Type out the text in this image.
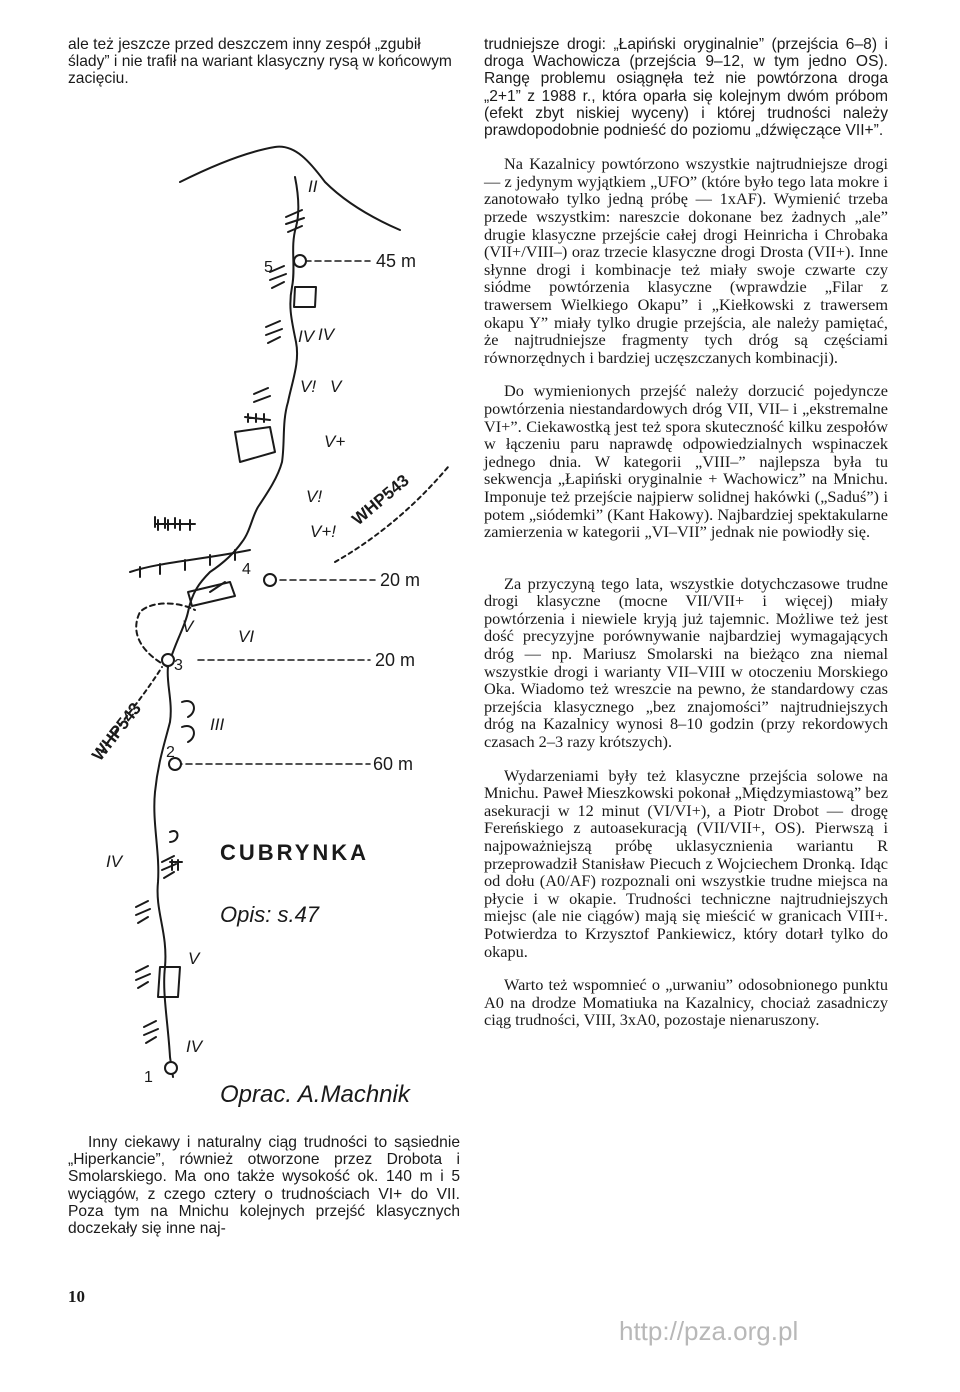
ale też jeszcze przed deszczem inny zespół „zgubił ślady” i nie trafił na wariant klasyczny rysą w końcowym zacięciu.

1
2
3
4
5	45 m
20 m
20 m
60 m
IV
V
IV
III
VI
V
V+!
V!
V!
IV
II
V+
V
IV
WHP543
WHP543
CUBRYNKA
Opis: s.47
Oprac. A.Machnik

Inny ciekawy i naturalny ciąg trudności to sąsiednie „Hiperkancie”, również otworzone przez Drobota i Smolarskiego. Ma ono także wysokość ok. 140 m i 5 wyciągów, z czego cztery o trudnościach VI+ do VII. Poza tym na Mnichu kolejnych przejść klasycznych doczekały się inne naj-

trudniejsze drogi: „Łapiński oryginalnie” (przejścia 6–8) i droga Wachowicza (przejścia 9–12, w tym jedno OS). Rangę problemu osiągnęła też nie powtórzona droga „2+1” z 1988 r., która oparła się kolejnym dwóm próbom (efekt zbyt niskiej wyceny) i której trudności należy prawdopodobnie podnieść do poziomu „dźwięczące VII+”.

Na Kazalnicy powtórzono wszystkie najtrudniejsze drogi — z jedynym wyjątkiem „UFO” (które było tego lata mokre i zanotowało tylko jedną próbę — 1xAF). Wymienić trzeba przede wszystkim: nareszcie dokonane bez żadnych „ale” drugie klasyczne przejście całej drogi Heinricha i Chrobaka (VII+/VIII–) oraz trzecie klasyczne drogi Drosta (VII+). Inne słynne drogi i kombinacje też miały swoje czwarte czy siódme powtórzenia klasyczne (wprawdzie „Filar z trawersem Wielkiego Okapu” i „Kiełkowski z trawersem okapu Y” miały tylko drugie przejścia, ale należy pamiętać, że najtrudniejsze fragmenty tych dróg są częściami równorzędnych i bardziej uczęszczanych kombinacji).

Do wymienionych przejść należy dorzucić pojedyncze powtórzenia niestandardowych dróg VII, VII– i „ekstremalne VI+”. Ciekawostką jest też spora skuteczność kilku zespołów w łączeniu paru naprawdę odpowiedzialnych wspinaczek jednego dnia. W kategorii „VIII–” najlepsza była tu sekwencja „Łapiński oryginalnie + Wachowicz” na Mnichu. Imponuje też przejście najpierw solidnej hakówki („Saduś”) i potem „siódemki” (Kant Hakowy). Najbardziej spektakularne zamierzenia w kategorii „VI–VII” jednak nie powiodły się.

Za przyczyną tego lata, wszystkie dotychczasowe trudne drogi klasyczne (mocne VII/VII+ i więcej) miały powtórzenia i niewiele kryją już tajemnic. Możliwe też jest dość precyzyjne porównywanie najbardziej wymagających dróg — np. Mariusz Smolarski na bieżąco zna niemal wszystkie drogi i warianty VII–VIII w otoczeniu Morskiego Oka. Wiadomo też wreszcie na pewno, że standardowy czas przejścia klasycznego „bez znajomości” najtrudniejszych dróg na Kazalnicy wynosi 8–10 godzin (przy rekordowych czasach 2–3 razy krótszych).

Wydarzeniami były też klasyczne przejścia solowe na Mnichu. Paweł Mieszkowski pokonał „Międzymiastową” bez asekuracji w 12 minut (VI/VI+), a Piotr Drobot — drogę Fereńskiego z autoasekuracją (VII/VII+, OS). Pierwszą i najpoważniejszą próbę uklasycznienia wariantu R przeprowadził Stanisław Piecuch z Wojciechem Dronką. Idąc od dołu (A0/AF) rozpoznali oni wszystkie trudne miejsca na płycie i w okapie. Trudności techniczne najtrudniejszych miejsc (ale nie ciągów) mają się mieścić w granicach VIII+. Potwierdza to Krzysztof Pankiewicz, który dotarł tylko do okapu.

Warto też wspomnieć o „urwaniu” odosobnionego punktu A0 na drodze Momatiuka na Kazalnicy, chociaż zasadniczy ciąg trudności, VIII, 3xA0, pozostaje nienaruszony.

10
http://pza.org.pl
